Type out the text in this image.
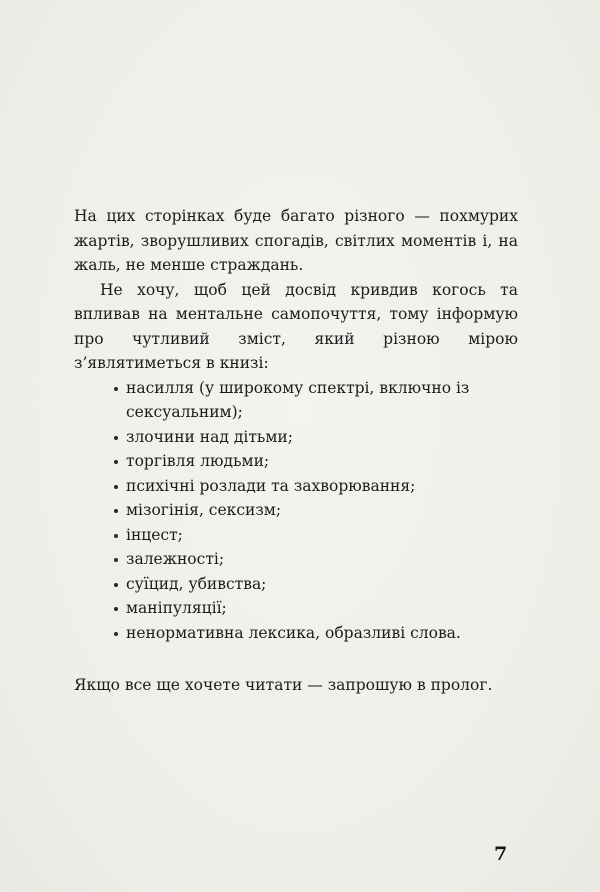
На цих сторінках буде багато різного — похмурих жартів, зворушливих спогадів, світлих моментів і, на жаль, не менше страждань.

Не хочу, щоб цей досвід кривдив когось та впливав на ментальне самопочуття, тому інформую про чутливий зміст, який різною мірою з’являтиметься в книзі:

насилля (у широкому спектрі, включно із сексуальним);
злочини над дітьми;
торгівля людьми;
психічні розлади та захворювання;
мізогінія, сексизм;
інцест;
залежності;
суїцид, убивства;
маніпуляції;
ненормативна лексика, образливі слова.

Якщо все ще хочете читати — запрошую в пролог.

7
